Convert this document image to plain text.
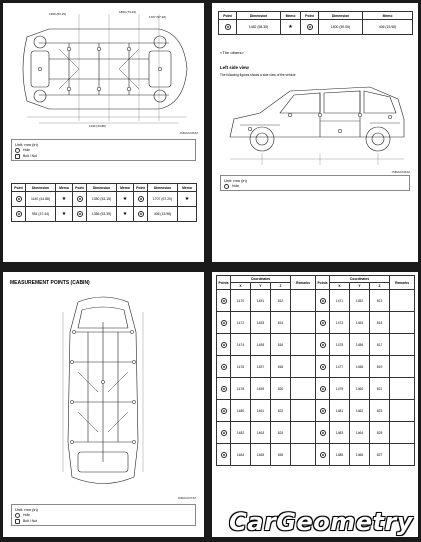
1350 (53.15)	1860 (73.23)
1707 (67.20)
1140 (44.88)
JSBIA0235ZZ
Unit: mm (in)
Hole
Bolt / Nut
Point	Dimension	Memo	Point	Dimension	Memo	Point	Dimension	Memo
	1140 (44.88)	★		1350 (53.15)	★		1707 (67.20)	★
	951 (37.44)	★		1356 (53.39)	★		406 (15.98)	
Point	Dimension	Memo	Point	Dimension	Memo
	1482 (58.35)	★		1500 (59.06)	406 (15.98)
<The others>
Left side view
The following figures shows a side view of the vehicle.
JSBIA0236ZZ
Unit: mm (in)
Hole
MEASUREMENT POINTS (CABIN)
JSBIA0237ZZ
Unit: mm (in)
Hole
Bolt / Nut
Points	Coordinates			Remarks	Points	Coordinates			Remarks
	X	Y	Z			X	Y	Z	
	1470	1451	812			1471	1452	813	
	1472	1453	814			1473	1454	815	
	1474	1455	816			1475	1456	817	
	1476	1457	818			1477	1458	819	
	1478	1459	820			1479	1460	821	
	1480	1461	822			1481	1462	823	
	1482	1463	824			1483	1464	825	
	1484	1465	826			1485	1466	827	
CarGeometry
